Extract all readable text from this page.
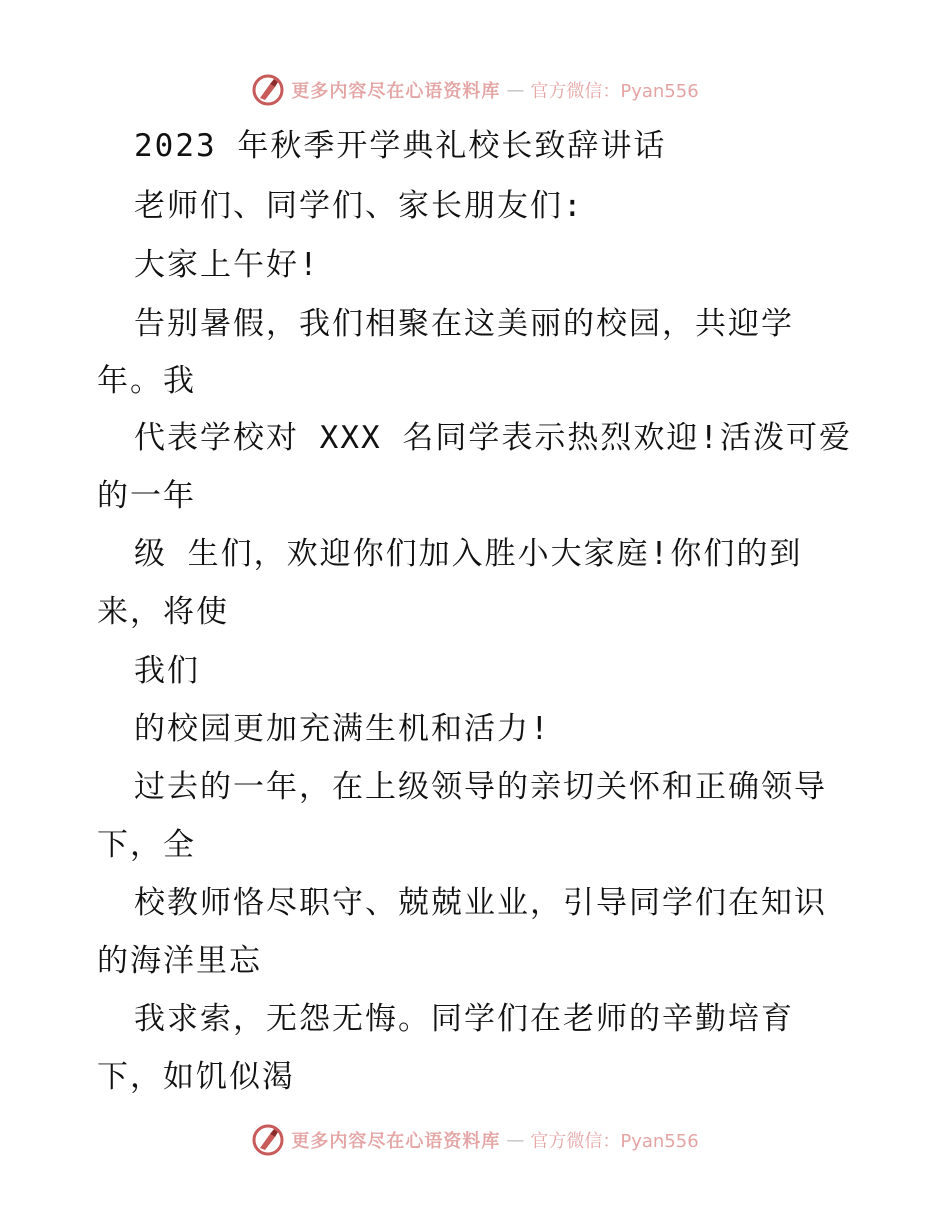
更多内容尽在心语资料库 — 官方微信：Pyan556
2023 年秋季开学典礼校长致辞讲话
老师们、同学们、家长朋友们:
大家上午好!
告别暑假，我们相聚在这美丽的校园，共迎学
年。我
代表学校对 XXX 名同学表示热烈欢迎!活泼可爱
的一年
级 生们，欢迎你们加入胜小大家庭!你们的到
来，将使
我们
的校园更加充满生机和活力!
过去的一年，在上级领导的亲切关怀和正确领导
下，全
校教师恪尽职守、兢兢业业，引导同学们在知识
的海洋里忘
我求索，无怨无悔。同学们在老师的辛勤培育
下，如饥似渴
更多内容尽在心语资料库 — 官方微信：Pyan556
